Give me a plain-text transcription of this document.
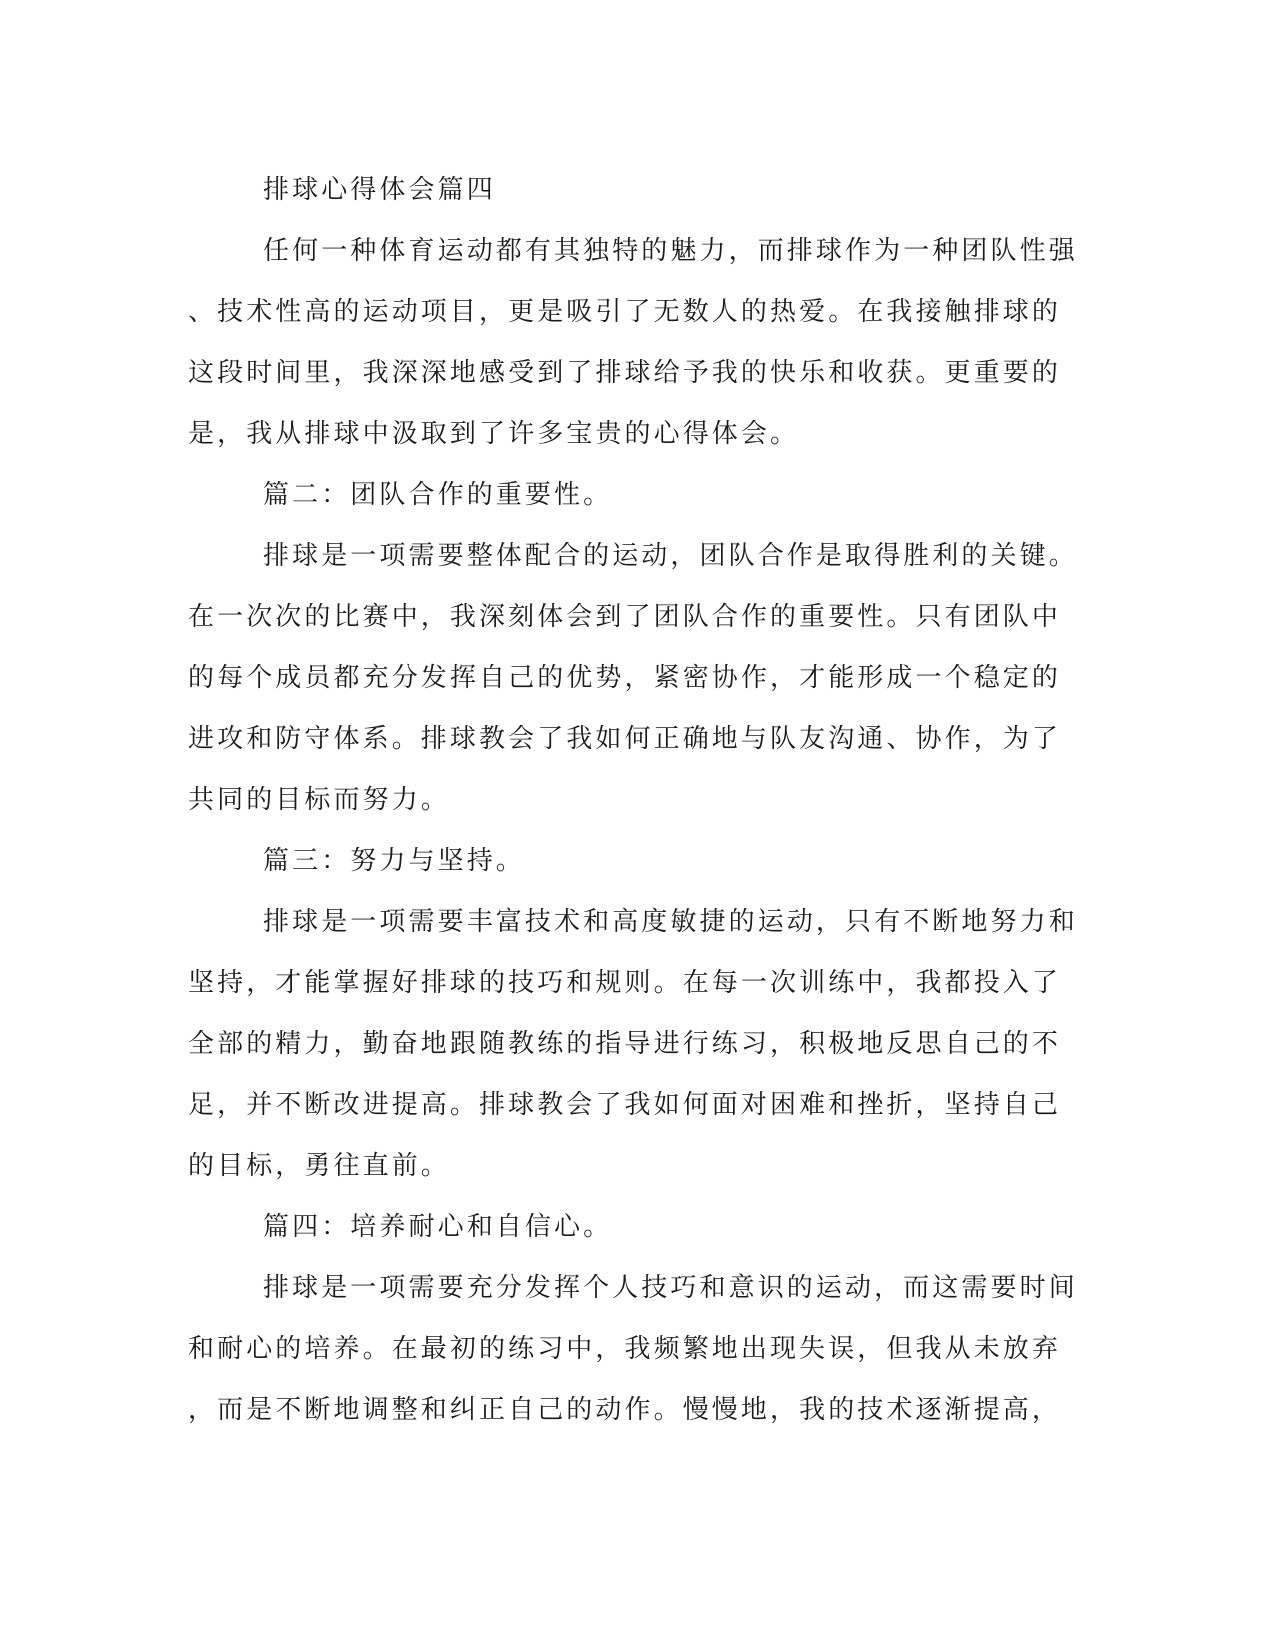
排球心得体会篇四
任何一种体育运动都有其独特的魅力，而排球作为一种团队性强
、技术性高的运动项目，更是吸引了无数人的热爱。在我接触排球的
这段时间里，我深深地感受到了排球给予我的快乐和收获。更重要的
是，我从排球中汲取到了许多宝贵的心得体会。
篇二：团队合作的重要性。
排球是一项需要整体配合的运动，团队合作是取得胜利的关键。
在一次次的比赛中，我深刻体会到了团队合作的重要性。只有团队中
的每个成员都充分发挥自己的优势，紧密协作，才能形成一个稳定的
进攻和防守体系。排球教会了我如何正确地与队友沟通、协作，为了
共同的目标而努力。
篇三：努力与坚持。
排球是一项需要丰富技术和高度敏捷的运动，只有不断地努力和
坚持，才能掌握好排球的技巧和规则。在每一次训练中，我都投入了
全部的精力，勤奋地跟随教练的指导进行练习，积极地反思自己的不
足，并不断改进提高。排球教会了我如何面对困难和挫折，坚持自己
的目标，勇往直前。
篇四：培养耐心和自信心。
排球是一项需要充分发挥个人技巧和意识的运动，而这需要时间
和耐心的培养。在最初的练习中，我频繁地出现失误，但我从未放弃
，而是不断地调整和纠正自己的动作。慢慢地，我的技术逐渐提高，
